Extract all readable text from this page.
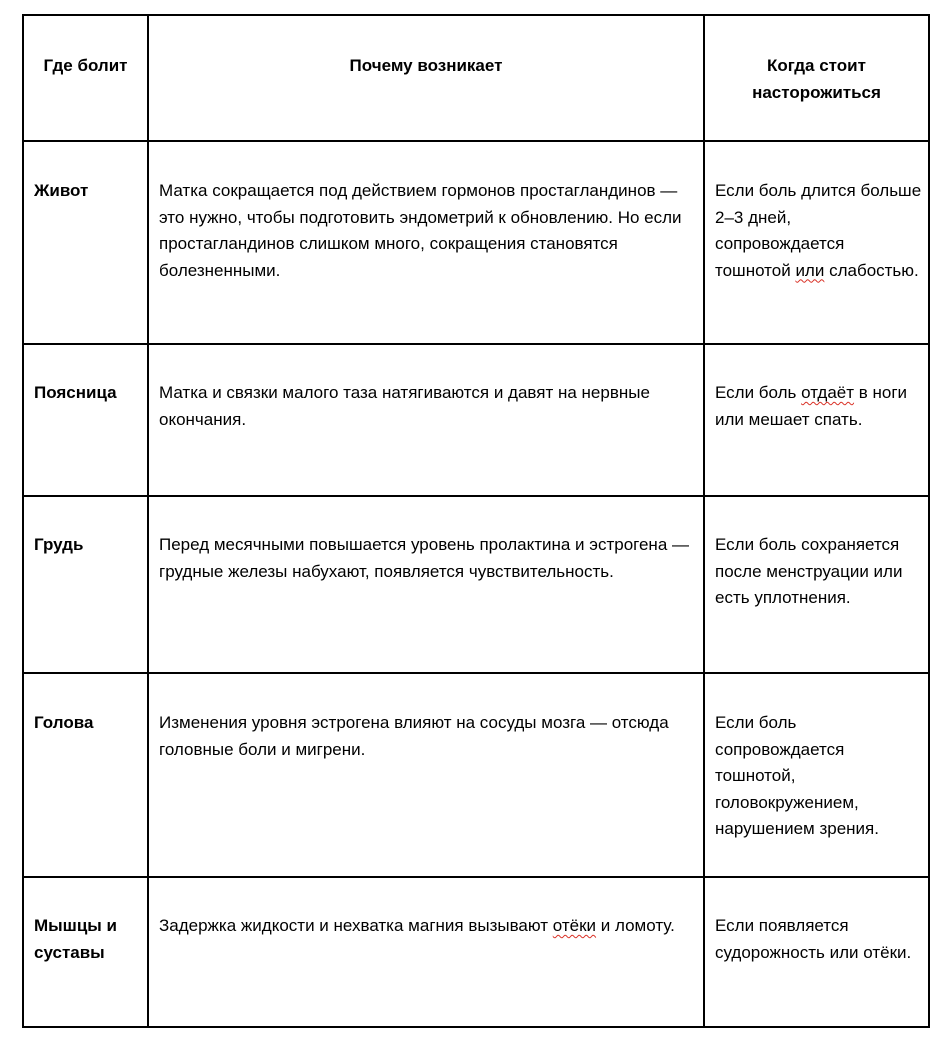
Где болит	Почему возникает	Когда стоит насторожиться

Живот	Матка сокращается под действием гормонов простагландинов — это нужно, чтобы подготовить эндометрий к обновлению. Но если простагландинов слишком много, сокращения становятся болезненными.	Если боль длится больше 2–3 дней, сопровождается тошнотой или слабостью.

Поясница	Матка и связки малого таза натягиваются и давят на нервные окончания.	Если боль отдаёт в ноги или мешает спать.

Грудь	Перед месячными повышается уровень пролактина и эстрогена — грудные железы набухают, появляется чувствительность.	Если боль сохраняется после менструации или есть уплотнения.

Голова	Изменения уровня эстрогена влияют на сосуды мозга — отсюда головные боли и мигрени.	Если боль сопровождается тошнотой, головокружением, нарушением зрения.

Мышцы и суставы	Задержка жидкости и нехватка магния вызывают отёки и ломоту.	Если появляется судорожность или отёки.
